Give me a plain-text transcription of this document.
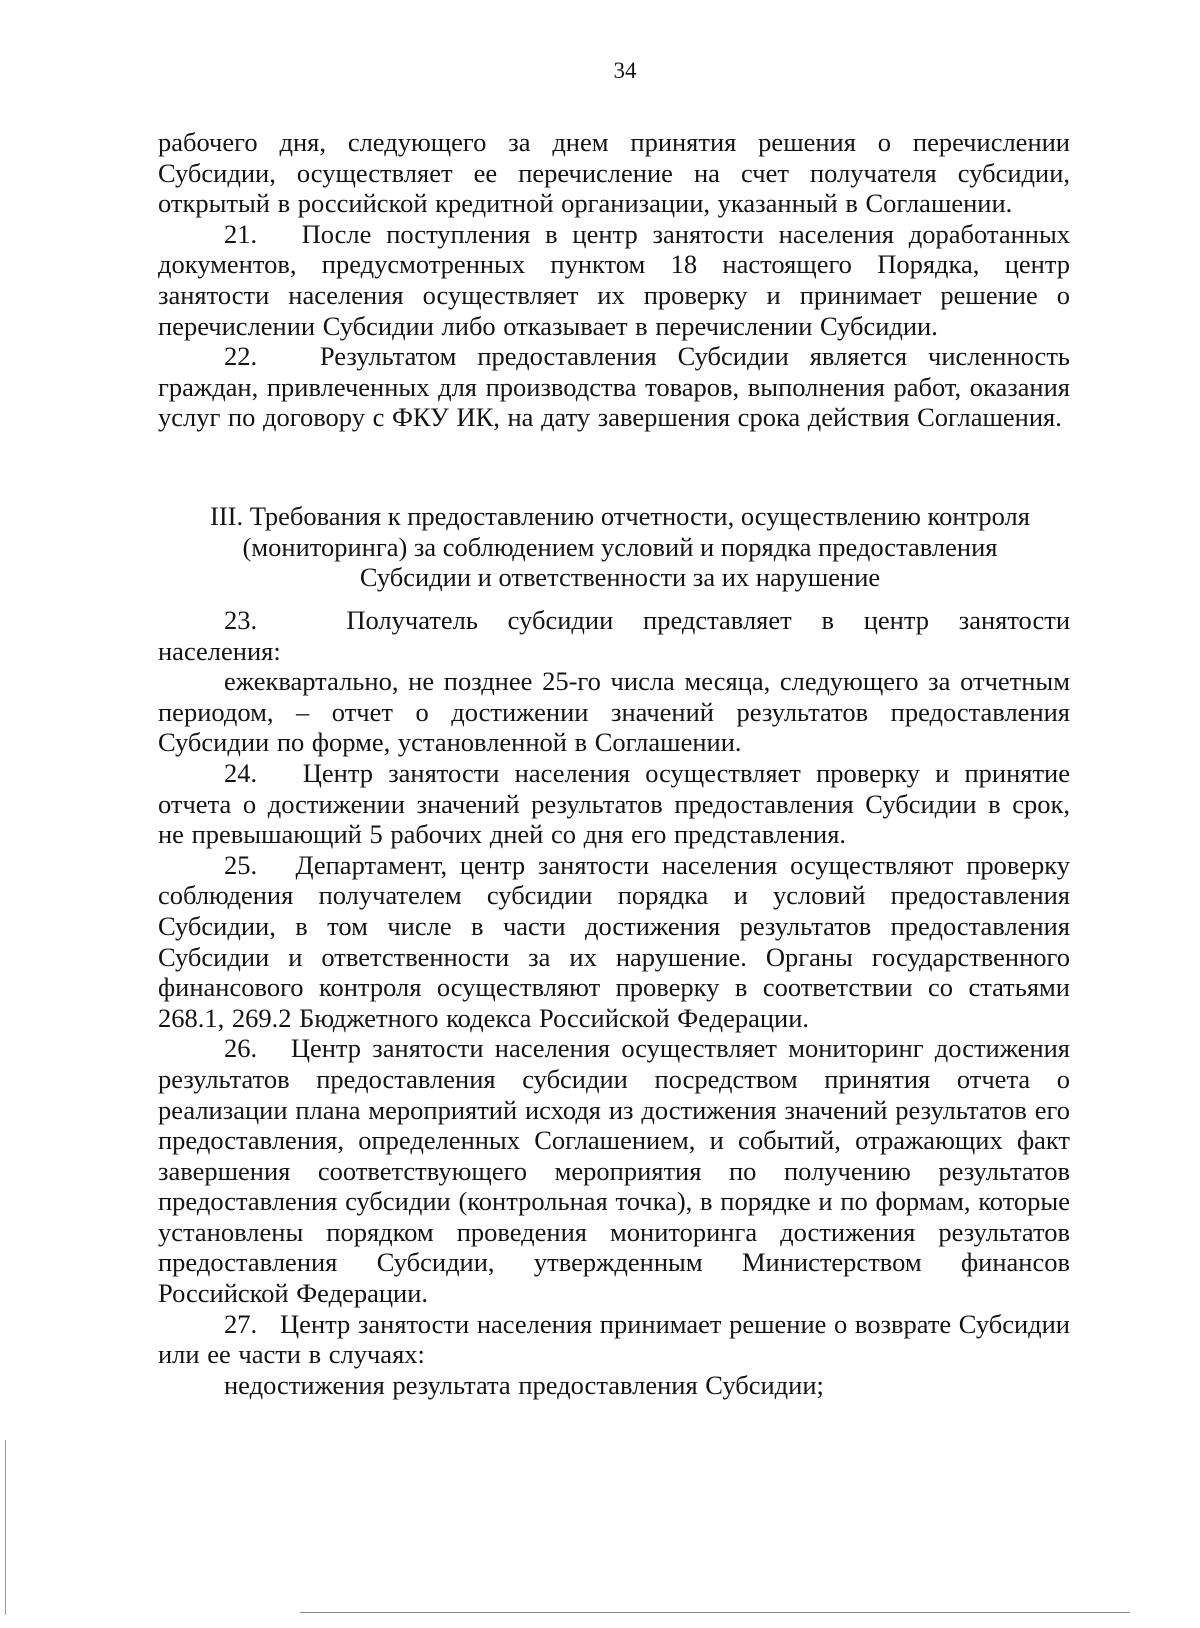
34

рабочего дня, следующего за днем принятия решения о перечислении Субсидии, осуществляет ее перечисление на счет получателя субсидии, открытый в российской кредитной организации, указанный в Соглашении.

21.   После поступления в центр занятости населения доработанных документов, предусмотренных пунктом 18 настоящего Порядка, центр занятости населения осуществляет их проверку и принимает решение о перечислении Субсидии либо отказывает в перечислении Субсидии.

22.   Результатом предоставления Субсидии является численность граждан, привлеченных для производства товаров, выполнения работ, оказания услуг по договору с ФКУ ИК, на дату завершения срока действия Соглашения.

III. Требования к предоставлению отчетности, осуществлению контроля
(мониторинга) за соблюдением условий и порядка предоставления
Субсидии и ответственности за их нарушение

23.   Получатель субсидии представляет в центр занятости

населения:

ежеквартально, не позднее 25-го числа месяца, следующего за отчетным периодом, – отчет о достижении значений результатов предоставления Субсидии по форме, установленной в Соглашении.

24.   Центр занятости населения осуществляет проверку и принятие отчета о достижении значений результатов предоставления Субсидии в срок, не превышающий 5 рабочих дней со дня его представления.

25.   Департамент, центр занятости населения осуществляют проверку соблюдения получателем субсидии порядка и условий предоставления Субсидии, в том числе в части достижения результатов предоставления Субсидии и ответственности за их нарушение. Органы государственного финансового контроля осуществляют проверку в соответствии со статьями 268.1, 269.2 Бюджетного кодекса Российской Федерации.

26.   Центр занятости населения осуществляет мониторинг достижения результатов предоставления субсидии посредством принятия отчета о реализации плана мероприятий исходя из достижения значений результатов его предоставления, определенных Соглашением, и событий, отражающих факт завершения соответствующего мероприятия по получению результатов предоставления субсидии (контрольная точка), в порядке и по формам, которые установлены порядком проведения мониторинга достижения результатов предоставления Субсидии, утвержденным Министерством финансов Российской Федерации.

27.   Центр занятости населения принимает решение о возврате Субсидии или ее части в случаях:

недостижения результата предоставления Субсидии;
